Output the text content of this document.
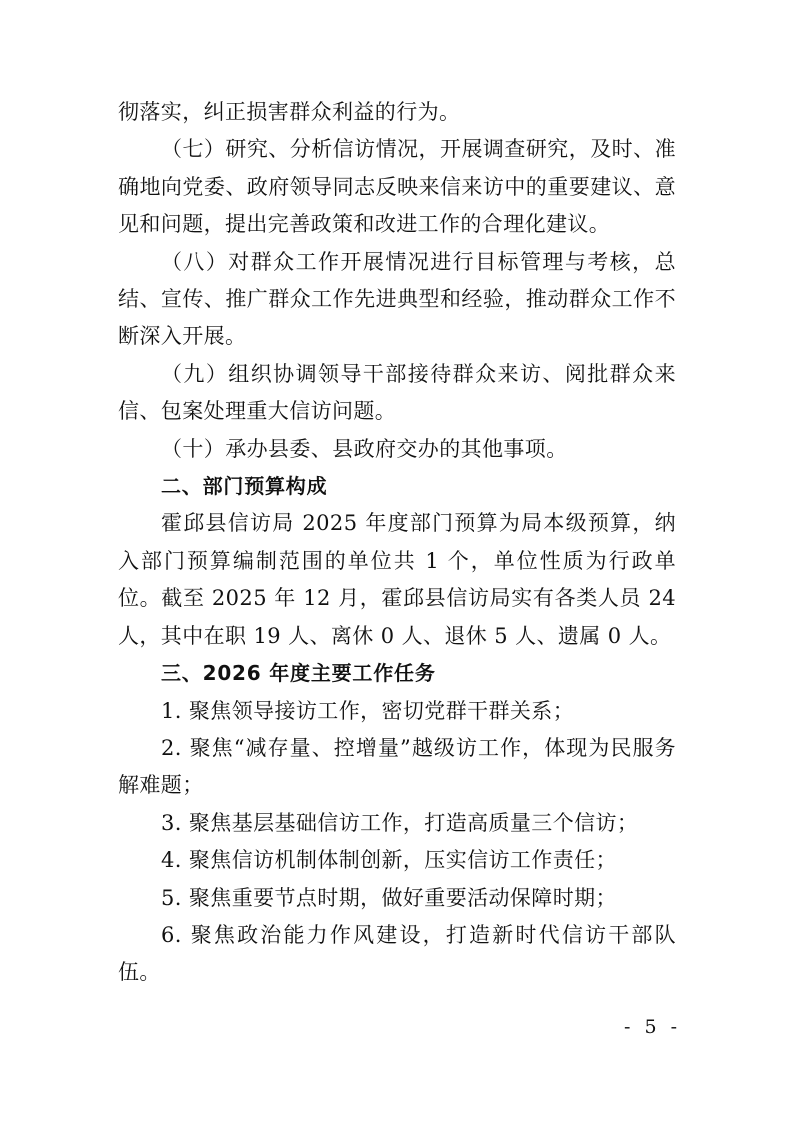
彻落实，纠正损害群众利益的行为。

（七）研究、分析信访情况，开展调查研究，及时、准确地向党委、政府领导同志反映来信来访中的重要建议、意见和问题，提出完善政策和改进工作的合理化建议。

（八）对群众工作开展情况进行目标管理与考核，总结、宣传、推广群众工作先进典型和经验，推动群众工作不断深入开展。

（九）组织协调领导干部接待群众来访、阅批群众来信、包案处理重大信访问题。

（十）承办县委、县政府交办的其他事项。

二、部门预算构成

霍邱县信访局 2025 年度部门预算为局本级预算，纳入部门预算编制范围的单位共 1 个，单位性质为行政单位。截至 2025 年 12 月，霍邱县信访局实有各类人员 24 人，其中在职 19 人、离休 0 人、退休 5 人、遗属 0 人。

三、2026 年度主要工作任务

1. 聚焦领导接访工作，密切党群干群关系；

2. 聚焦“减存量、控增量”越级访工作，体现为民服务解难题；

3. 聚焦基层基础信访工作，打造高质量三个信访；

4. 聚焦信访机制体制创新，压实信访工作责任；

5. 聚焦重要节点时期，做好重要活动保障时期；

6. 聚焦政治能力作风建设，打造新时代信访干部队伍。

- 5 -
